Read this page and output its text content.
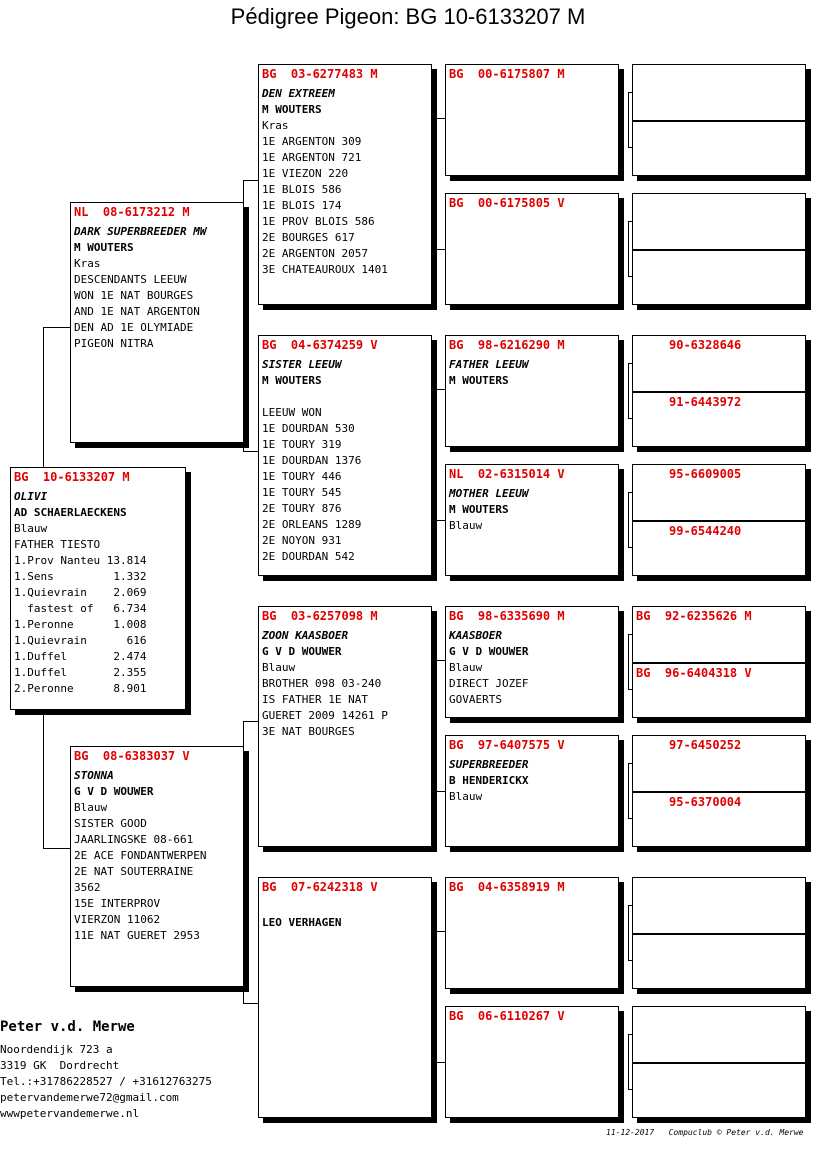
Pédigree Pigeon: BG 10-6133207 M
BG  10-6133207 M
OLIVI
AD SCHAERLAECKENS
Blauw
FATHER TIESTO
1.Prov Nanteu 13.814
1.Sens         1.332
1.Quievrain    2.069
fastest of   6.734
1.Peronne      1.008
1.Quievrain      616
1.Duffel       2.474
1.Duffel       2.355
2.Peronne      8.901
NL  08-6173212 M
DARK SUPERBREEDER MW
M WOUTERS
Kras
DESCENDANTS LEEUW
WON 1E NAT BOURGES
AND 1E NAT ARGENTON
DEN AD 1E OLYMIADE
PIGEON NITRA
BG  08-6383037 V
STONNA
G V D WOUWER
Blauw
SISTER GOOD
JAARLINGSKE 08-661
2E ACE FONDANTWERPEN
2E NAT SOUTERRAINE
3562
15E INTERPROV
VIERZON 11062
11E NAT GUERET 2953
BG  03-6277483 M
DEN EXTREEM
M WOUTERS
Kras
1E ARGENTON 309
1E ARGENTON 721
1E VIEZON 220
1E BLOIS 586
1E BLOIS 174
1E PROV BLOIS 586
2E BOURGES 617
2E ARGENTON 2057
3E CHATEAUROUX 1401
BG  04-6374259 V
SISTER LEEUW
M WOUTERS
LEEUW WON
1E DOURDAN 530
1E TOURY 319
1E DOURDAN 1376
1E TOURY 446
1E TOURY 545
2E TOURY 876
2E ORLEANS 1289
2E NOYON 931
2E DOURDAN 542
BG  03-6257098 M
ZOON KAASBOER
G V D WOUWER
Blauw
BROTHER 098 03-240
IS FATHER 1E NAT
GUERET 2009 14261 P
3E NAT BOURGES
BG  07-6242318 V
LEO VERHAGEN
BG  00-6175807 M
BG  00-6175805 V
BG  98-6216290 M
FATHER LEEUW
M WOUTERS
NL  02-6315014 V
MOTHER LEEUW
M WOUTERS
Blauw
BG  98-6335690 M
KAASBOER
G V D WOUWER
Blauw
DIRECT JOZEF
GOVAERTS
BG  97-6407575 V
SUPERBREEDER
B HENDERICKX
Blauw
BG  04-6358919 M
BG  06-6110267 V
90-6328646
91-6443972
95-6609005
99-6544240
BG  92-6235626 M
BG  96-6404318 V
97-6450252
95-6370004
Peter v.d. Merwe
Noordendijk 723 a
3319 GK  Dordrecht
Tel.:+31786228527 / +31612763275
petervandemerwe72@gmail.com
wwwpetervandemerwe.nl
11-12-2017   Compuclub © Peter v.d. Merwe
